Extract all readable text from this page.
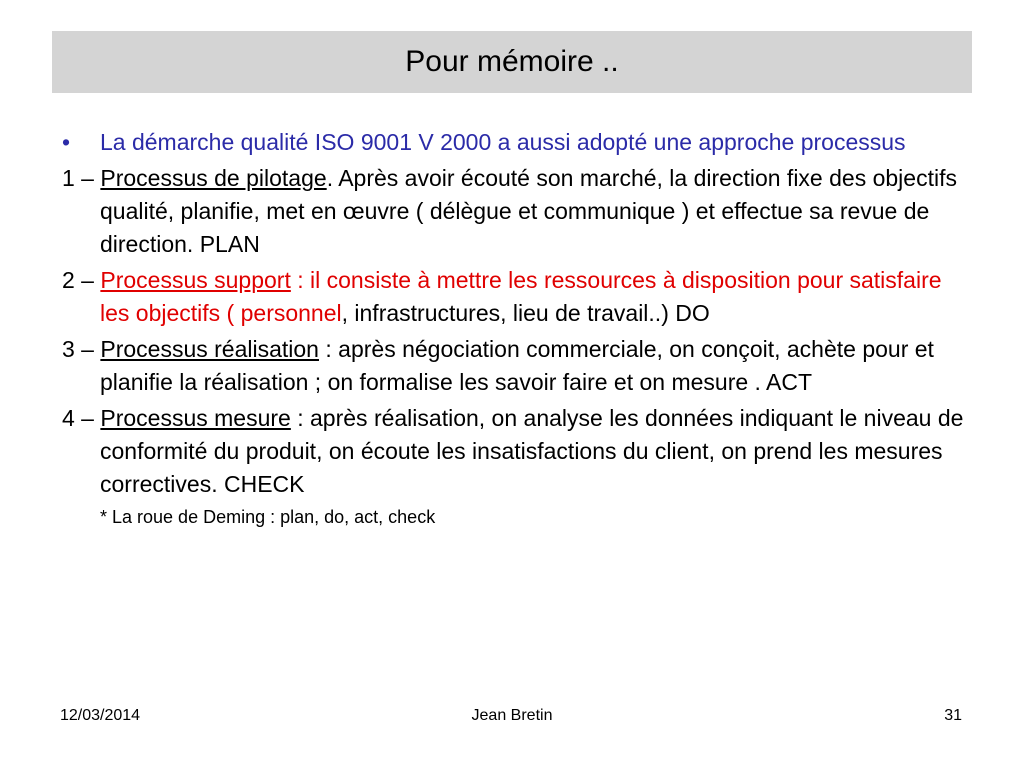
Pour mémoire ..

• La démarche qualité ISO 9001 V 2000 a aussi adopté une approche processus

1 – Processus de pilotage. Après avoir écouté son marché, la direction fixe des objectifs qualité, planifie, met en œuvre ( délègue et communique ) et effectue sa revue de direction. PLAN

2 – Processus support : il consiste à mettre les ressources à disposition pour satisfaire les objectifs ( personnel, infrastructures, lieu de travail..) DO

3 – Processus réalisation : après négociation commerciale, on conçoit, achète pour et planifie la réalisation ; on formalise les savoir faire et on mesure . ACT

4 – Processus mesure : après réalisation, on analyse les données indiquant le niveau de conformité du produit, on écoute les insatisfactions du client, on prend les mesures correctives. CHECK

* La roue de Deming : plan, do, act, check
12/03/2014	Jean Bretin	31
